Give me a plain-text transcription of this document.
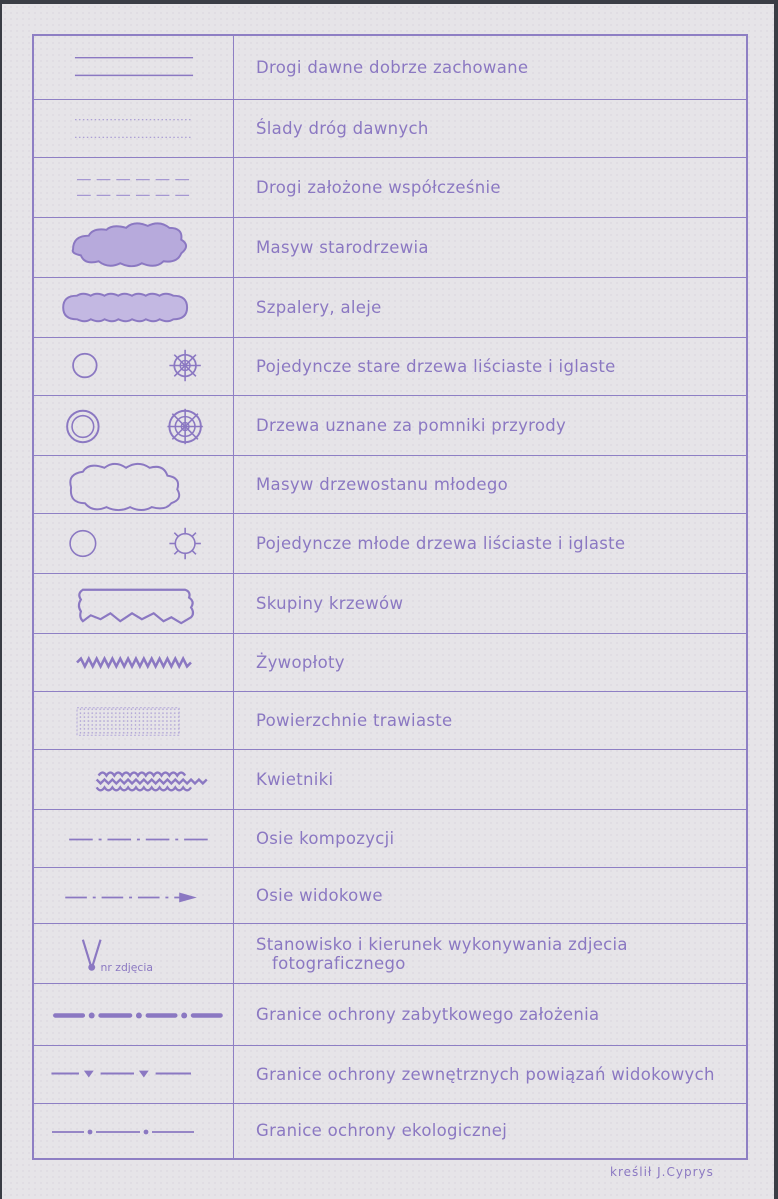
Drogi dawne dobrze zachowane
Ślady dróg dawnych
Drogi założone współcześnie
Masyw starodrzewia
Szpalery, aleje
Pojedyncze stare drzewa liściaste i iglaste
Drzewa uznane za pomniki przyrody
Masyw drzewostanu młodego
Pojedyncze młode drzewa liściaste i iglaste
Skupiny krzewów
Żywopłoty
Powierzchnie trawiaste
Kwietniki
Osie kompozycji
Osie widokowe
nr zdjęcia
Stanowisko i kierunek wykonywania zdjecia
fotograficznego
Granice ochrony zabytkowego założenia
Granice ochrony zewnętrznych powiązań widokowych
Granice ochrony ekologicznej
kreślił J.Cyprys
